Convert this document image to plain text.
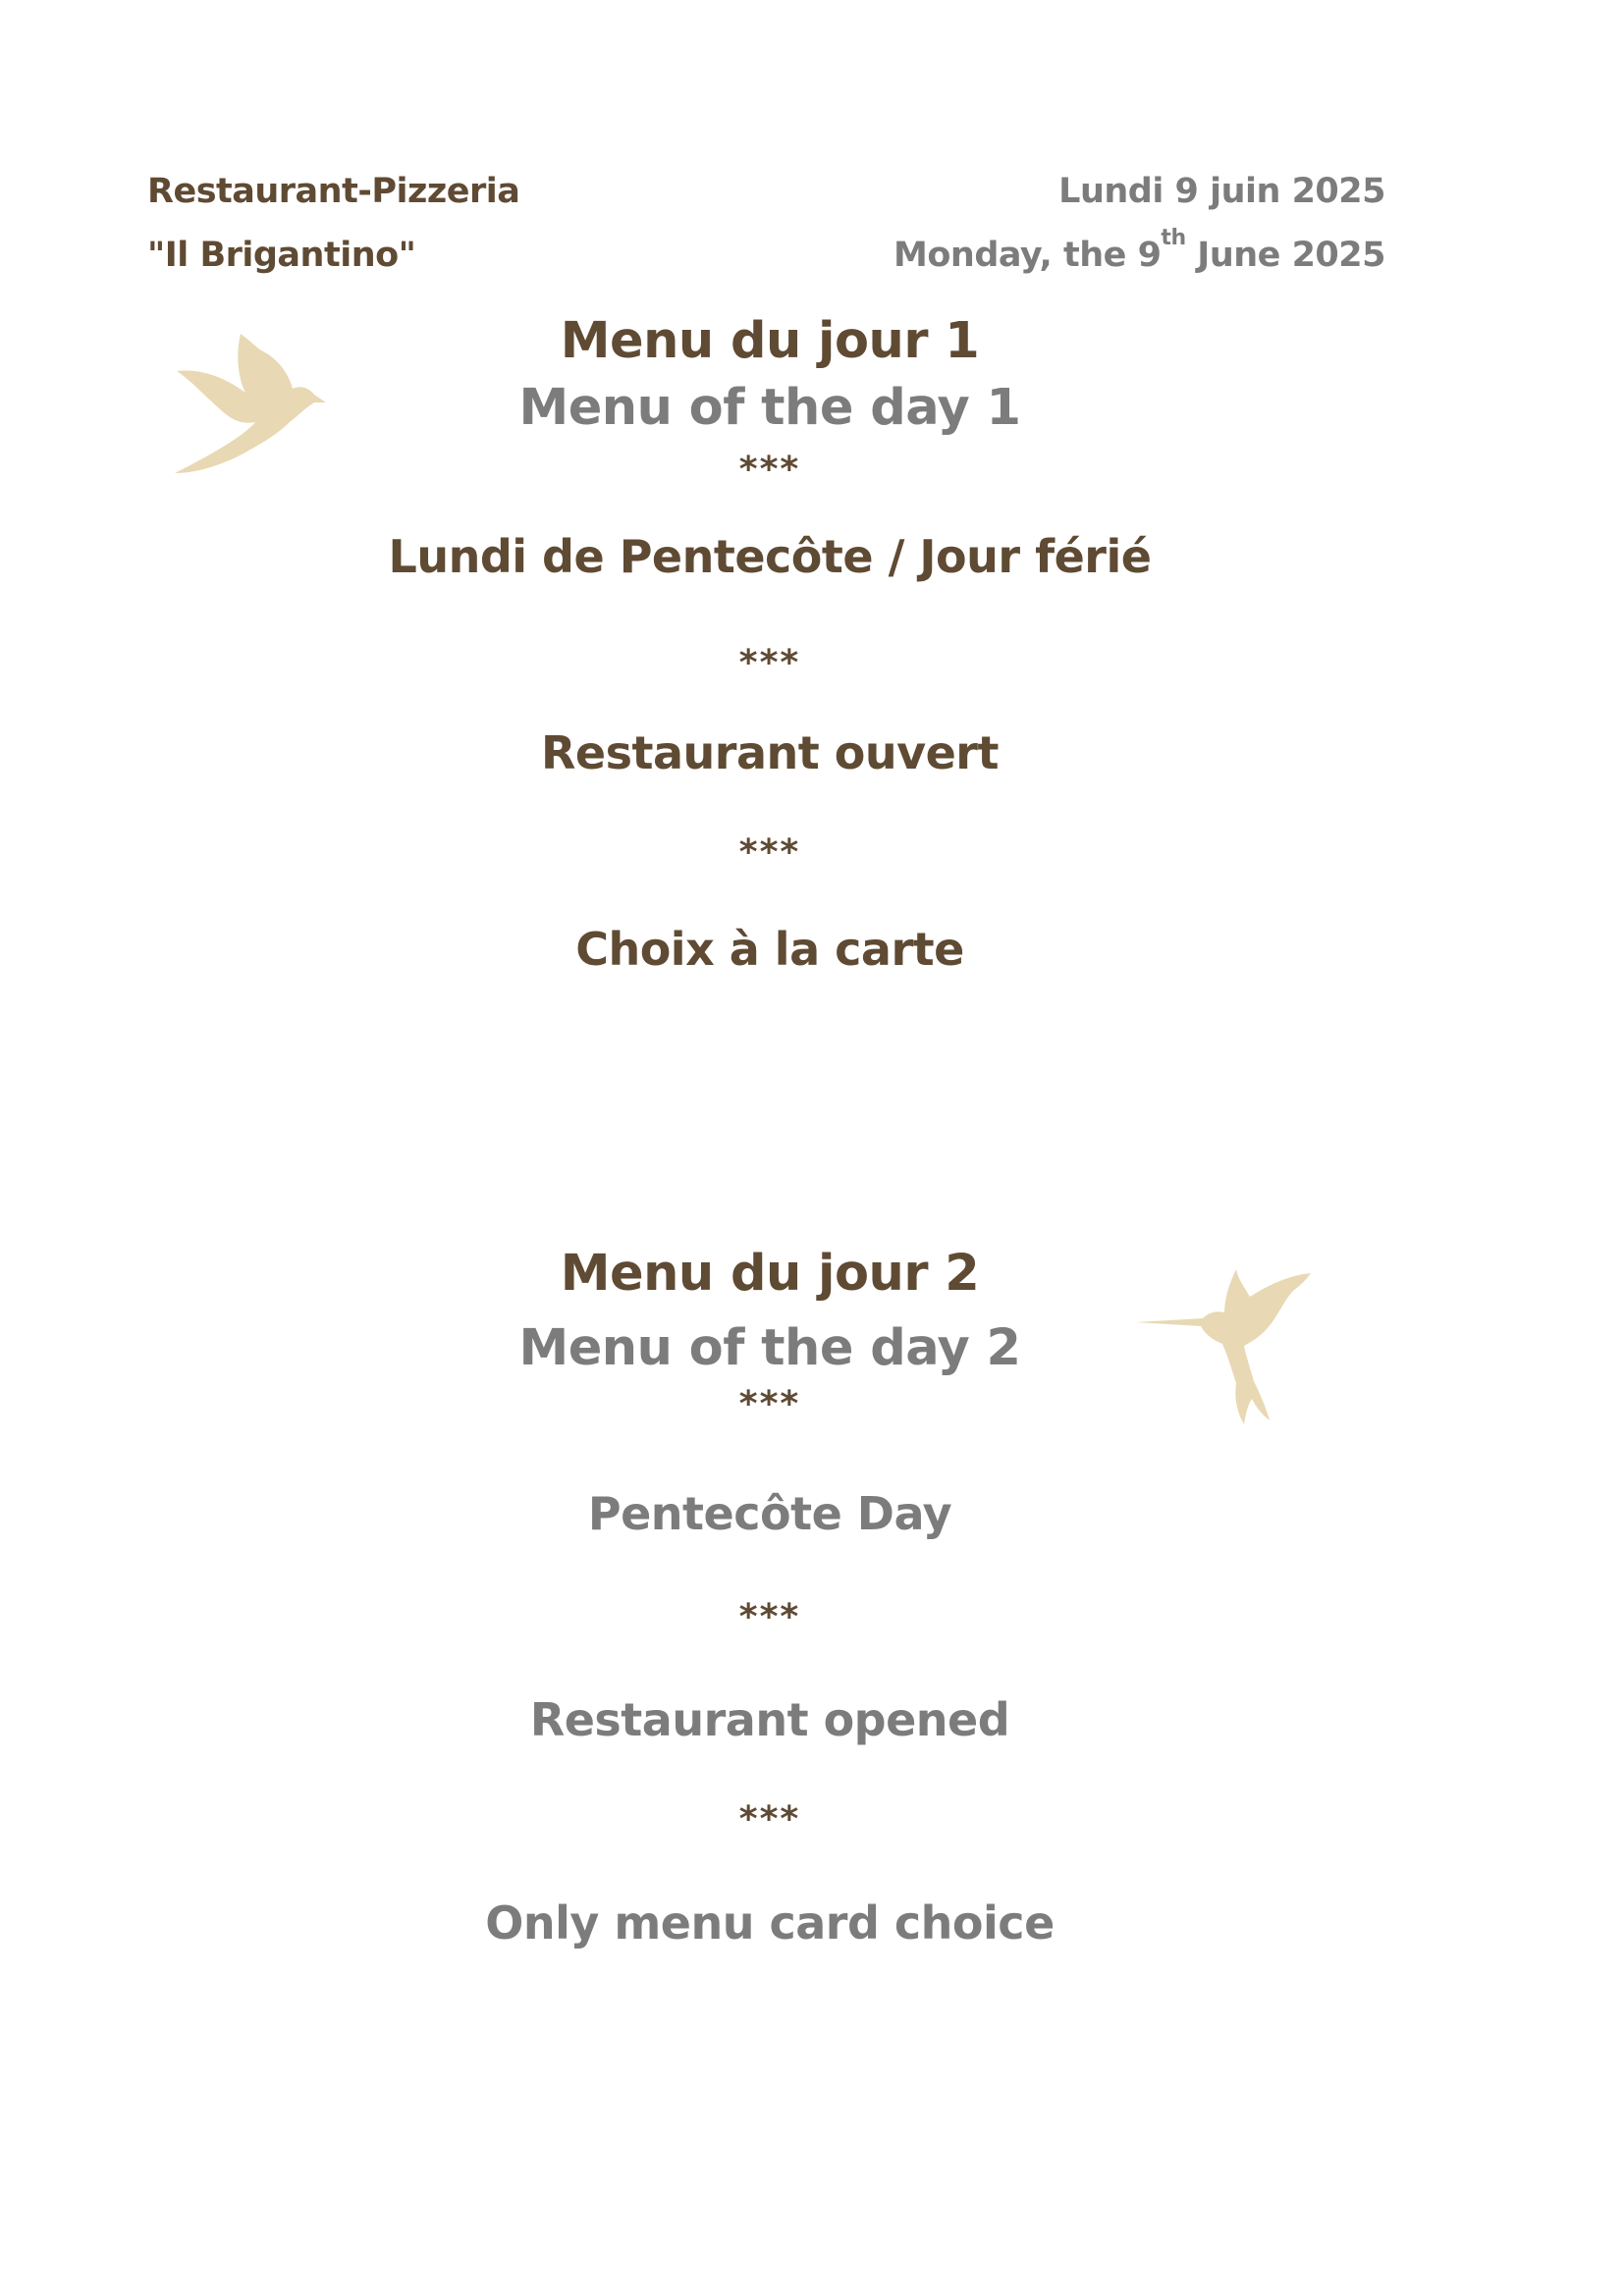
Restaurant-Pizzeria
"Il Brigantino"
Lundi 9 juin 2025
Monday, the 9th June 2025
Menu du jour 1
Menu of the day 1
***
Lundi de Pentecôte / Jour férié
***
Restaurant ouvert
***
Choix à la carte
Menu du jour 2
Menu of the day 2
***
Pentecôte Day
***
Restaurant opened
***
Only menu card choice
